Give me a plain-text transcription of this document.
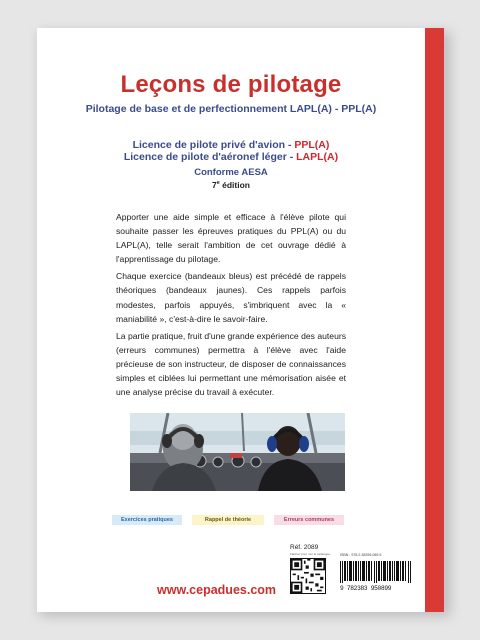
Leçons de pilotage
Pilotage de base et de perfectionnement LAPL(A) - PPL(A)
Licence de pilote privé d'avion - PPL(A)
Licence de pilote d'aéronef léger - LAPL(A)
Conforme AESA
7e édition

Apporter une aide simple et efficace à l'élève pilote qui souhaite passer les épreuves pratiques du PPL(A) ou du LAPL(A), telle serait l'ambition de cet ouvrage dédié à l'apprentissage du pilotage.

Chaque exercice (bandeaux bleus) est précédé de rappels théoriques (bandeaux jaunes). Ces rappels parfois modestes, parfois appuyés, s'imbriquent avec la « maniabilité », c'est-à-dire le savoir-faire.

La partie pratique, fruit d'une grande expérience des auteurs (erreurs communes) permettra à l'élève avec l'aide précieuse de son instructeur, de disposer de connaissances simples et ciblées lui permettant une mémorisation aisée et une analyse précise du travail à exécuter.

Exercices pratiques	Rappel de théorie	Erreurs communes
Réf. 2089
Flashez pour voir le catalogue	ISBN : 978.2.38395.089.9
9 782383 950899
www.cepadues.com
